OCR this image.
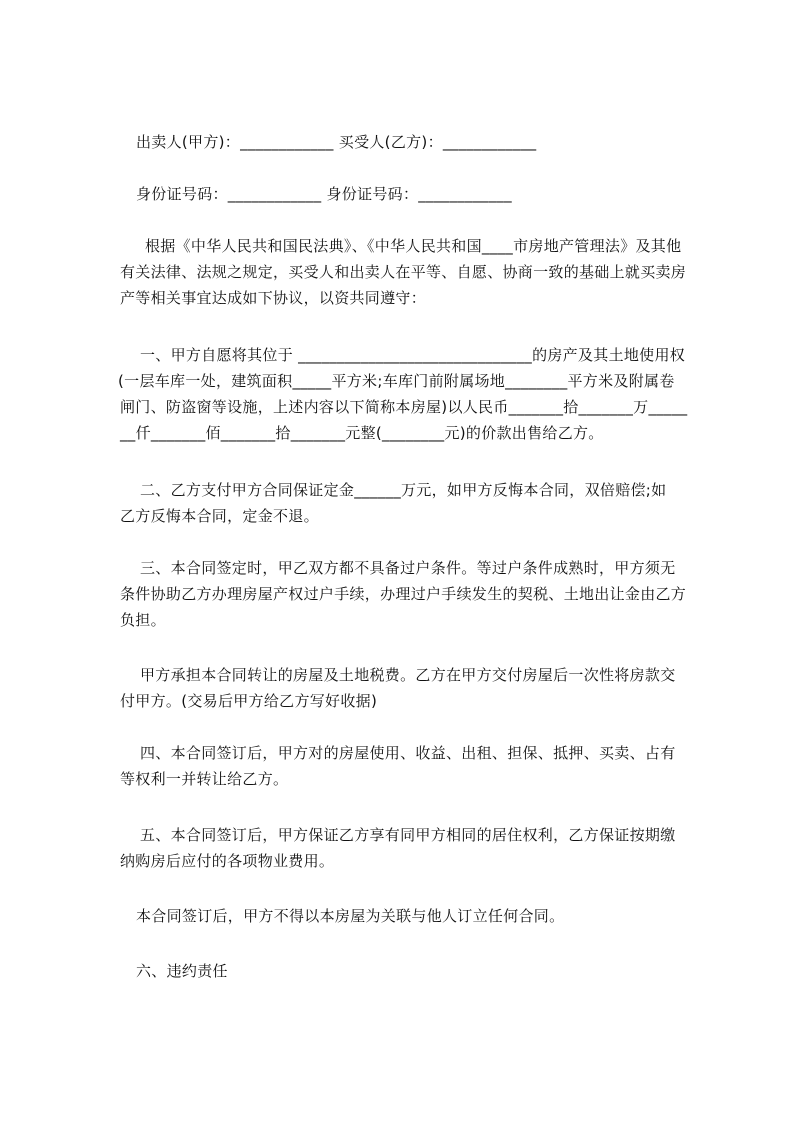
出卖人(甲方)：____________ 买受人(乙方)：____________
身份证号码：____________ 身份证号码：____________
根据《中华人民共和国民法典》、《中华人民共和国____市房地产管理法》及其他
有关法律、法规之规定，买受人和出卖人在平等、自愿、协商一致的基础上就买卖房
产等相关事宜达成如下协议，以资共同遵守：
一、甲方自愿将其位于 ______________________________的房产及其土地使用权
(一层车库一处，建筑面积_____平方米;车库门前附属场地________平方米及附属卷
闸门、防盗窗等设施，上述内容以下简称本房屋)以人民币_______拾_______万_____
__仟_______佰_______拾_______元整(________元)的价款出售给乙方。
二、乙方支付甲方合同保证定金______万元，如甲方反悔本合同，双倍赔偿;如
乙方反悔本合同，定金不退。
三、本合同签定时，甲乙双方都不具备过户条件。等过户条件成熟时，甲方须无
条件协助乙方办理房屋产权过户手续，办理过户手续发生的契税、土地出让金由乙方
负担。
甲方承担本合同转让的房屋及土地税费。乙方在甲方交付房屋后一次性将房款交
付甲方。(交易后甲方给乙方写好收据)
四、本合同签订后，甲方对的房屋使用、收益、出租、担保、抵押、买卖、占有
等权利一并转让给乙方。
五、本合同签订后，甲方保证乙方享有同甲方相同的居住权利，乙方保证按期缴
纳购房后应付的各项物业费用。
本合同签订后，甲方不得以本房屋为关联与他人订立任何合同。
六、违约责任
